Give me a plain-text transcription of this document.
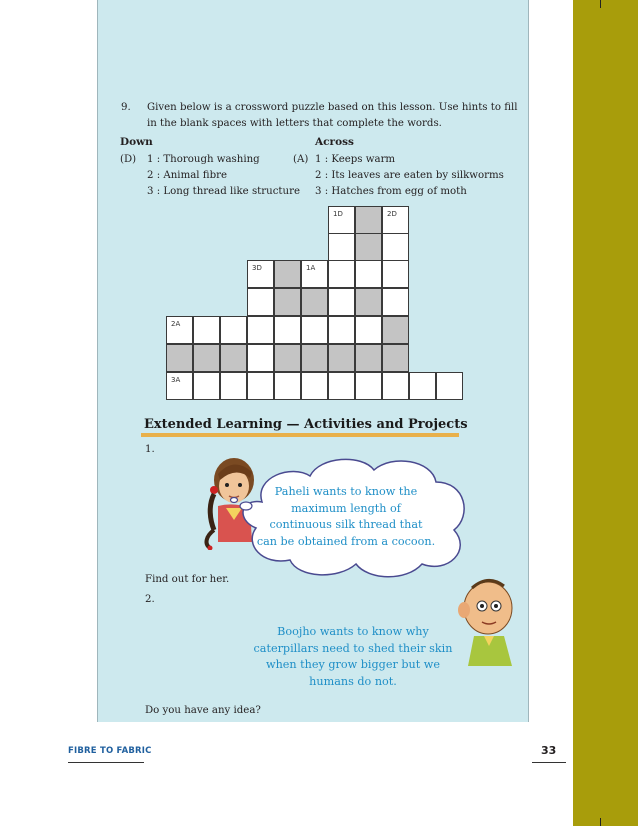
9. Given below is a crossword puzzle based on this lesson. Use hints to fill
in the blank spaces with letters that complete the words.
Down	Across
(D) 1 : Thorough washing
2 : Animal fibre
3 : Long thread like structure
(A) 1 : Keeps warm
2 : Its leaves are eaten by silkworms
3 : Hatches from egg of moth
1D	2D
3D	1A
2A
3A
Extended Learning — Activities and Projects
1.
Paheli wants to know the
maximum length of
continuous silk thread that
can be obtained from a cocoon.
Find out for her.
2.
Boojho wants to know why
caterpillars need to shed their skin
when they grow bigger but we
humans do not.
Do you have any idea?
FIBRE TO FABRIC	33
